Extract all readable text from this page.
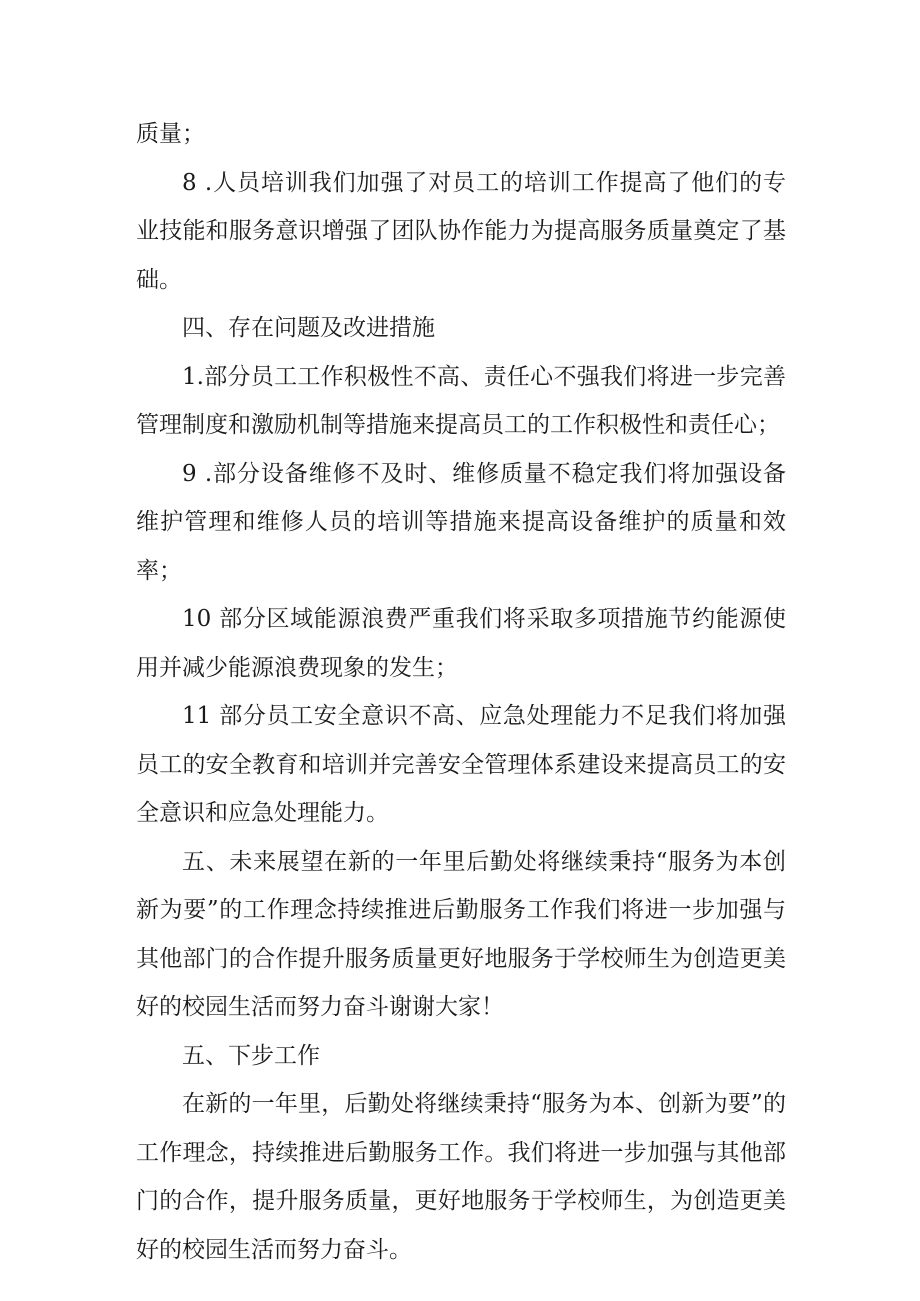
质量；

8 .人员培训我们加强了对员工的培训工作提高了他们的专业技能和服务意识增强了团队协作能力为提高服务质量奠定了基础。

四、存在问题及改进措施

1.部分员工工作积极性不高、责任心不强我们将进一步完善管理制度和激励机制等措施来提高员工的工作积极性和责任心；

9 .部分设备维修不及时、维修质量不稳定我们将加强设备维护管理和维修人员的培训等措施来提高设备维护的质量和效率；

10 部分区域能源浪费严重我们将采取多项措施节约能源使用并减少能源浪费现象的发生；

11 部分员工安全意识不高、应急处理能力不足我们将加强员工的安全教育和培训并完善安全管理体系建设来提高员工的安全意识和应急处理能力。

五、未来展望在新的一年里后勤处将继续秉持“服务为本创新为要”的工作理念持续推进后勤服务工作我们将进一步加强与其他部门的合作提升服务质量更好地服务于学校师生为创造更美好的校园生活而努力奋斗谢谢大家！

五、下步工作

在新的一年里，后勤处将继续秉持“服务为本、创新为要”的工作理念，持续推进后勤服务工作。我们将进一步加强与其他部门的合作，提升服务质量，更好地服务于学校师生，为创造更美好的校园生活而努力奋斗。
